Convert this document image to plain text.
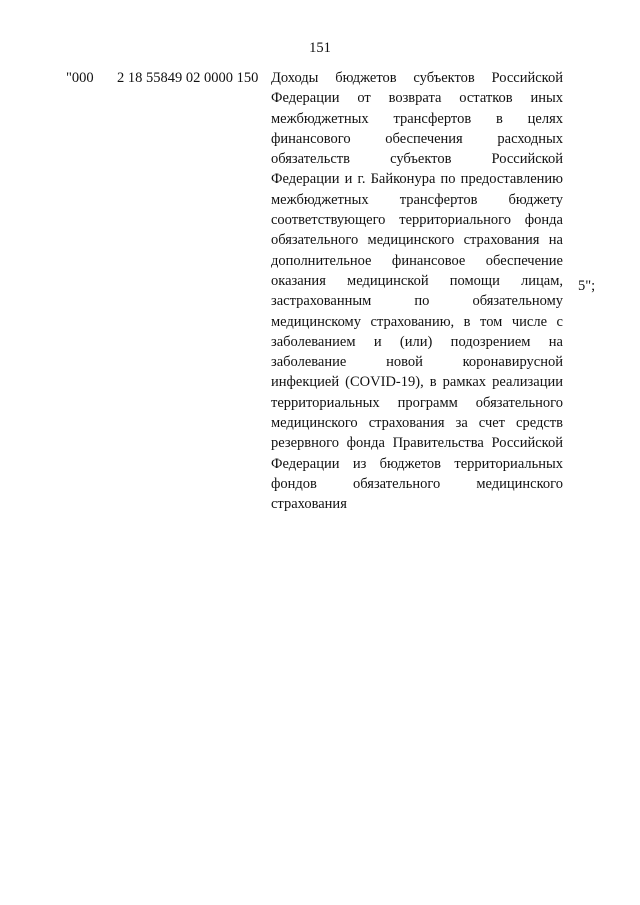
151
"000 2 18 55849 02 0000 150 Доходы бюджетов субъектов Российской
Федерации от возврата остатков иных
межбюджетных трансфертов в целях
финансового обеспечения расходных
обязательств субъектов Российской
Федерации и г. Байконура по предоставлению
межбюджетных трансфертов бюджету
соответствующего территориального фонда
обязательного медицинского страхования на
дополнительное финансовое обеспечение
оказания медицинской помощи лицам,
застрахованным по обязательному
медицинскому страхованию, в том числе с
заболеванием и (или) подозрением на
заболевание новой коронавирусной
инфекцией (COVID-19), в рамках реализации
территориальных программ обязательного
медицинского страхования за счет средств
резервного фонда Правительства Российской
Федерации из бюджетов территориальных
фондов обязательного медицинского
страхования
5";
